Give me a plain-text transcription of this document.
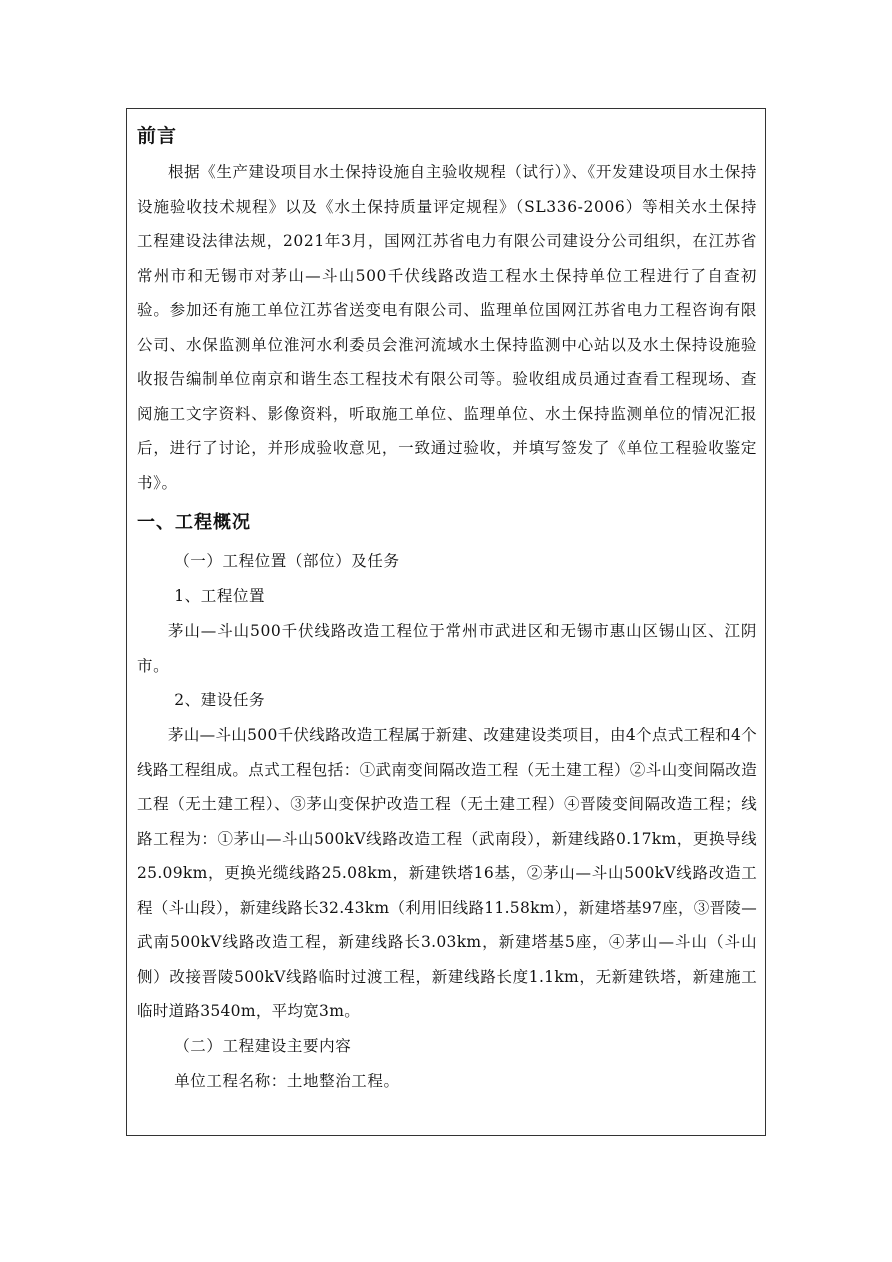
前言

根据《生产建设项目水土保持设施自主验收规程（试行）》、《开发建设项目水土保持设施验收技术规程》以及《水土保持质量评定规程》（SL336-2006）等相关水土保持工程建设法律法规，2021年3月，国网江苏省电力有限公司建设分公司组织，在江苏省常州市和无锡市对茅山—斗山500千伏线路改造工程水土保持单位工程进行了自查初验。参加还有施工单位江苏省送变电有限公司、监理单位国网江苏省电力工程咨询有限公司、水保监测单位淮河水利委员会淮河流域水土保持监测中心站以及水土保持设施验收报告编制单位南京和谐生态工程技术有限公司等。验收组成员通过查看工程现场、查阅施工文字资料、影像资料，听取施工单位、监理单位、水土保持监测单位的情况汇报后，进行了讨论，并形成验收意见，一致通过验收，并填写签发了《单位工程验收鉴定书》。

一、工程概况

（一）工程位置（部位）及任务

1、工程位置

茅山—斗山500千伏线路改造工程位于常州市武进区和无锡市惠山区锡山区、江阴市。

2、建设任务

茅山—斗山500千伏线路改造工程属于新建、改建建设类项目，由4个点式工程和4个线路工程组成。点式工程包括：①武南变间隔改造工程（无土建工程）②斗山变间隔改造工程（无土建工程）、③茅山变保护改造工程（无土建工程）④晋陵变间隔改造工程；线路工程为：①茅山—斗山500kV线路改造工程（武南段），新建线路0.17km，更换导线25.09km，更换光缆线路25.08km，新建铁塔16基，②茅山—斗山500kV线路改造工程（斗山段），新建线路长32.43km（利用旧线路11.58km），新建塔基97座，③晋陵—武南500kV线路改造工程，新建线路长3.03km，新建塔基5座，④茅山—斗山（斗山侧）改接晋陵500kV线路临时过渡工程，新建线路长度1.1km，无新建铁塔，新建施工临时道路3540m，平均宽3m。

（二）工程建设主要内容

单位工程名称：土地整治工程。
